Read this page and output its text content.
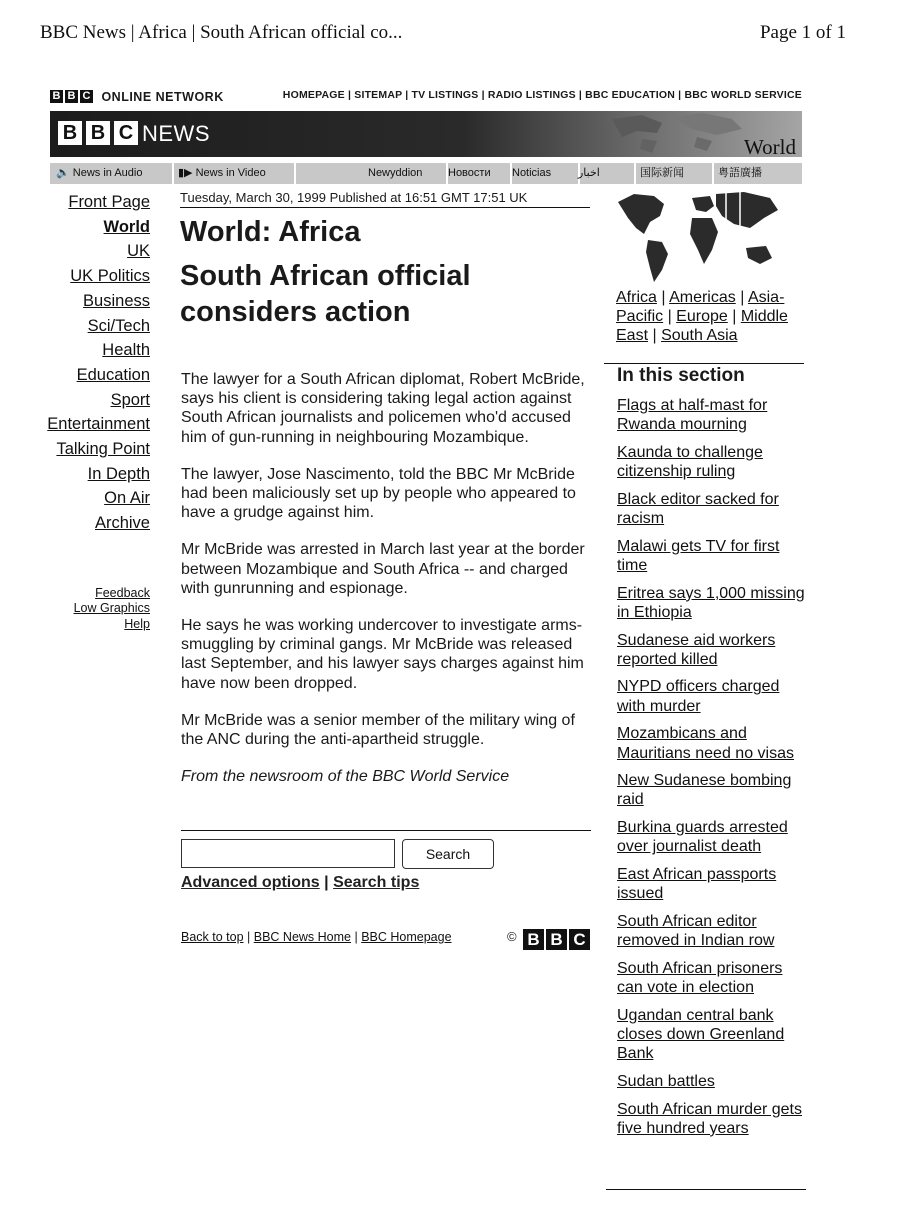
BBC News | Africa | South African official co...	Page 1 of 1
B B C ONLINE NETWORK	HOMEPAGE | SITEMAP | TV LISTINGS | RADIO LISTINGS | BBC EDUCATION | BBC WORLD SERVICE
B B C NEWS
World
🔈 News in Audio	▮▶ News in Video	Newyddion	Новости	Noticias	اخبار	国际新闻	粤語廣播
Front Page
World
UK
UK Politics
Business
Sci/Tech
Health
Education
Sport
Entertainment
Talking Point
In Depth
On Air
Archive
Feedback
Low Graphics
Help
Tuesday, March 30, 1999 Published at 16:51 GMT 17:51 UK
World: Africa
South African official considers action

The lawyer for a South African diplomat, Robert McBride, says his client is considering taking legal action against South African journalists and policemen who'd accused him of gun-running in neighbouring Mozambique.

The lawyer, Jose Nascimento, told the BBC Mr McBride had been maliciously set up by people who appeared to have a grudge against him.

Mr McBride was arrested in March last year at the border between Mozambique and South Africa -- and charged with gunrunning and espionage.

He says he was working undercover to investigate arms-smuggling by criminal gangs. Mr McBride was released last September, and his lawyer says charges against him have now been dropped.

Mr McBride was a senior member of the military wing of the ANC during the anti-apartheid struggle.

From the newsroom of the BBC World Service

Search
Advanced options | Search tips
Back to top | BBC News Home | BBC Homepage	© B B C
Africa | Americas | Asia-Pacific | Europe | Middle East | South Asia
In this section
Flags at half-mast for Rwanda mourning
Kaunda to challenge citizenship ruling
Black editor sacked for racism
Malawi gets TV for first time
Eritrea says 1,000 missing in Ethiopia
Sudanese aid workers reported killed
NYPD officers charged with murder
Mozambicans and Mauritians need no visas
New Sudanese bombing raid
Burkina guards arrested over journalist death
East African passports issued
South African editor removed in Indian row
South African prisoners can vote in election
Ugandan central bank closes down Greenland Bank
Sudan battles
South African murder gets five hundred years
